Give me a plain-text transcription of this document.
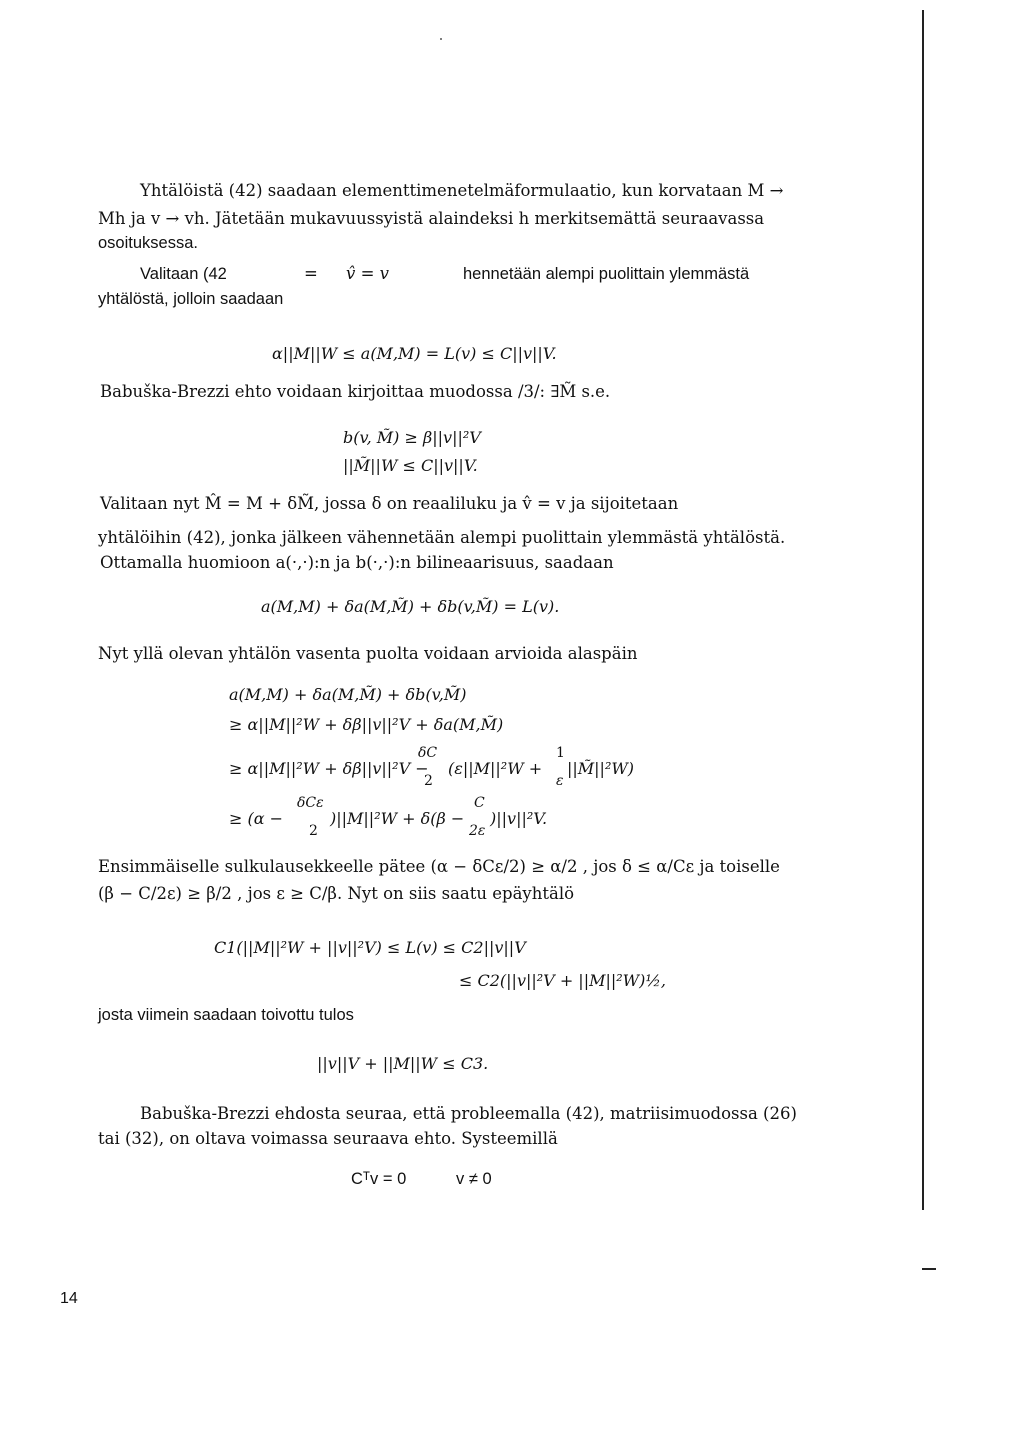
Yhtälöistä (42) saadaan elementtimenetelmäformulaatio, kun korvataan M →
Mh ja v → vh. Jätetään mukavuussyistä alaindeksi h merkitsemättä seuraavassa
osoituksessa.
Valitaan (42	= v̂ = v	hennetään alempi puolittain ylemmästä
yhtälöstä, jolloin saadaan
α||M||W ≤ a(M,M) = L(v) ≤ C||v||V.
Babuška-Brezzi ehto voidaan kirjoittaa muodossa /3/: ∃M̃ s.e.
b(v, M̃) ≥ β||v||²V
||M̃||W ≤ C||v||V.
Valitaan nyt M̂ = M + δM̃, jossa δ on reaaliluku ja v̂ = v ja sijoitetaan
yhtälöihin (42), jonka jälkeen vähennetään alempi puolittain ylemmästä yhtälöstä.
Ottamalla huomioon a(·,·):n ja b(·,·):n bilineaarisuus, saadaan
a(M,M) + δa(M,M̃) + δb(v,M̃) = L(v).
Nyt yllä olevan yhtälön vasenta puolta voidaan arvioida alaspäin
a(M,M) + δa(M,M̃) + δb(v,M̃)
≥ α||M||²W + δβ||v||²V + δa(M,M̃)
≥ α||M||²W + δβ||v||²V −
δC
2
(ε||M||²W +
1
ε
||M̃||²W)
≥ (α −
δCε
2
)||M||²W + δ(β −
C
2ε
)||v||²V.
Ensimmäiselle sulkulausekkeelle pätee (α − δCε/2) ≥ α/2 , jos δ ≤ α/Cε ja toiselle
(β − C/2ε) ≥ β/2 , jos ε ≥ C/β. Nyt on siis saatu epäyhtälö
C1(||M||²W + ||v||²V) ≤ L(v) ≤ C2||v||V
≤ C2(||v||²V + ||M||²W)½,
josta viimein saadaan toivottu tulos
||v||V + ||M||W ≤ C3.
Babuška-Brezzi ehdosta seuraa, että probleemalla (42), matriisimuodossa (26)
tai (32), on oltava voimassa seuraava ehto. Systeemillä
Cᵀv = 0	v ≠ 0
14
